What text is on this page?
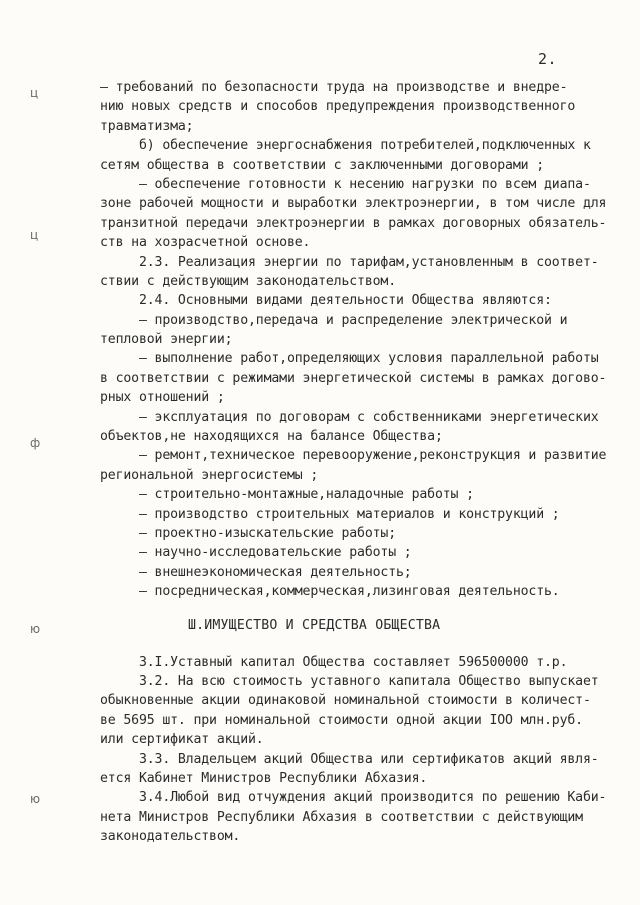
2.
ц
ц
ф
ю
ю
– требований по безопасности труда на производстве и внедре-
нию новых средств и способов предупреждения производственного
травматизма;
б) обеспечение энергоснабжения потребителей,подключенных к
сетям общества в соответствии с заключенными договорами ;
– обеспечение готовности к несению нагрузки по всем диапа-
зоне рабочей мощности и выработки электроэнергии, в том числе для
транзитной передачи электроэнергии в рамках договорных обязатель-
ств на хозрасчетной основе.
2.3. Реализация энергии по тарифам,установленным в соответ-
ствии с действующим законодательством.
2.4. Основными видами деятельности Общества являются:
– производство,передача и распределение электрической и
тепловой энергии;
– выполнение работ,определяющих условия параллельной работы
в соответствии с режимами энергетической системы в рамках догово-
рных отношений ;
– эксплуатация по договорам с собственниками энергетических
объектов,не находящихся на балансе Общества;
– ремонт,техническое перевооружение,реконструкция и развитие
региональной энергосистемы ;
– строительно-монтажные,наладочные работы ;
– производство строительных материалов и конструкций ;
– проектно-изыскательские работы;
– научно-исследовательские работы ;
– внешнеэкономическая деятельность;
– посредническая,коммерческая,лизинговая деятельность.
Ш.ИМУЩЕСТВО И СРЕДСТВА ОБЩЕСТВА
3.I.Уставный капитал Общества составляет 596500000 т.р.
3.2. На всю стоимость уставного капитала Общество выпускает
обыкновенные акции одинаковой номинальной стоимости в количест-
ве 5695 шт. при номинальной стоимости одной акции IOO млн.руб.
или сертификат акций.
3.3. Владельцем акций Общества или сертификатов акций явля-
ется Кабинет Министров Республики Абхазия.
3.4.Любой вид отчуждения акций производится по решению Каби-
нета Министров Республики Абхазия в соответствии с действующим
законодательством.
